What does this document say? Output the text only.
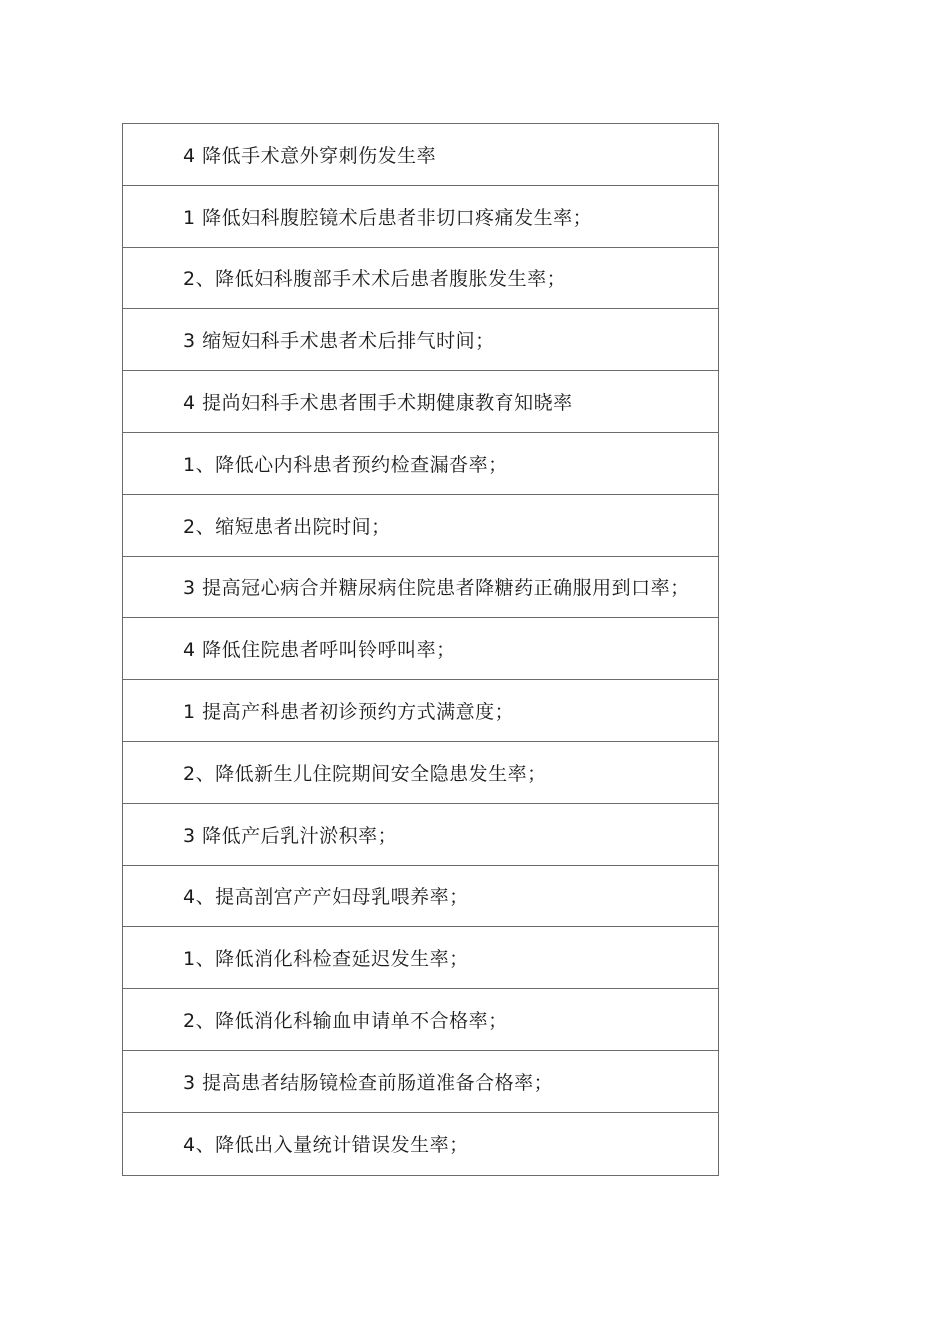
4 降低手术意外穿刺伤发生率
1 降低妇科腹腔镜术后患者非切口疼痛发生率；
2、降低妇科腹部手术术后患者腹胀发生率；
3 缩短妇科手术患者术后排气时间；
4 提尚妇科手术患者围手术期健康教育知晓率
1、降低心内科患者预约检查漏沓率；
2、缩短患者出院时间；
3 提高冠心病合并糖尿病住院患者降糖药正确服用到口率；
4 降低住院患者呼叫铃呼叫率；
1 提高产科患者初诊预约方式满意度；
2、降低新生儿住院期间安全隐患发生率；
3 降低产后乳汁淤积率；
4、提高剖宫产产妇母乳喂养率；
1、降低消化科检查延迟发生率；
2、降低消化科输血申请单不合格率；
3 提高患者结肠镜检查前肠道准备合格率；
4、降低出入量统计错误发生率；
